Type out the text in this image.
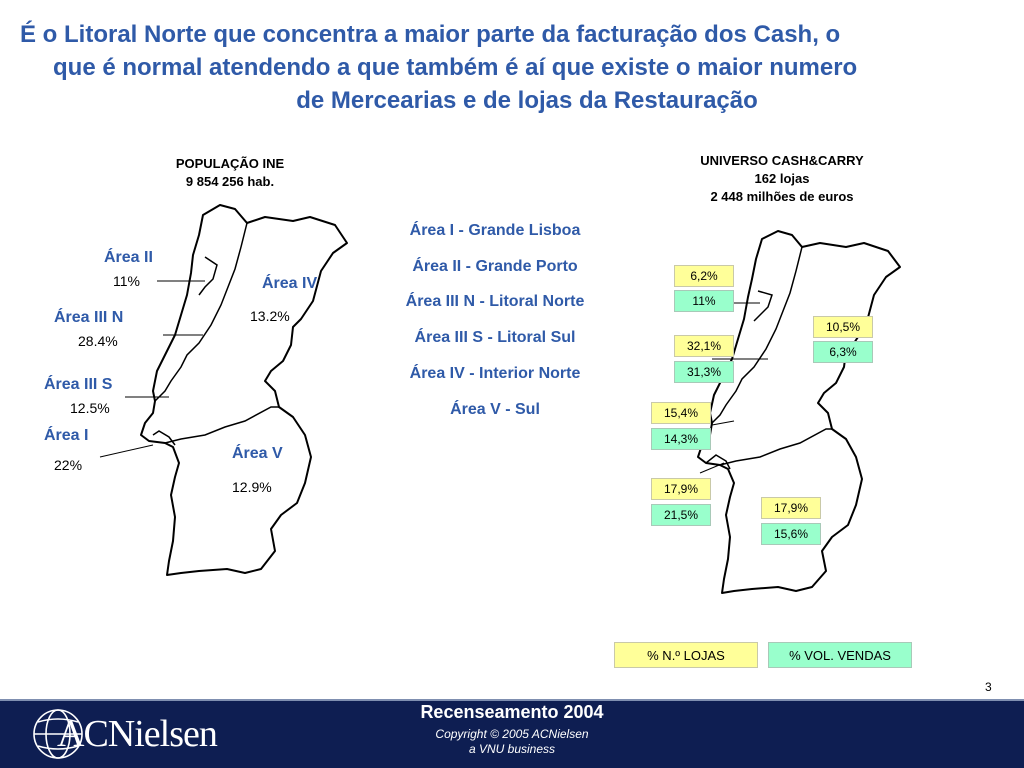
É o Litoral Norte que concentra a maior parte da facturação dos Cash, o
que é normal atendendo a que também é aí que existe o maior numero
de Mercearias e de lojas da Restauração
POPULAÇÃO INE
9 854 256 hab.
Área II
11%	Área IV
13.2%
Área III N
28.4%
Área III S
12.5%
Área I
22%
Área V
12.9%
Área I - Grande Lisboa
Área II - Grande Porto
Área III N - Litoral Norte
Área III S - Litoral Sul
Área IV - Interior Norte
Área V - Sul
UNIVERSO CASH&CARRY
162 lojas
2 448 milhões de euros
6,2%
11%
10,5%
6,3%
32,1%
31,3%
15,4%
14,3%
17,9%
21,5%	17,9%
15,6%
% N.º LOJAS	% VOL. VENDAS
3
ACNielsen
Recenseamento 2004
Copyright © 2005 ACNielsen
a VNU business
